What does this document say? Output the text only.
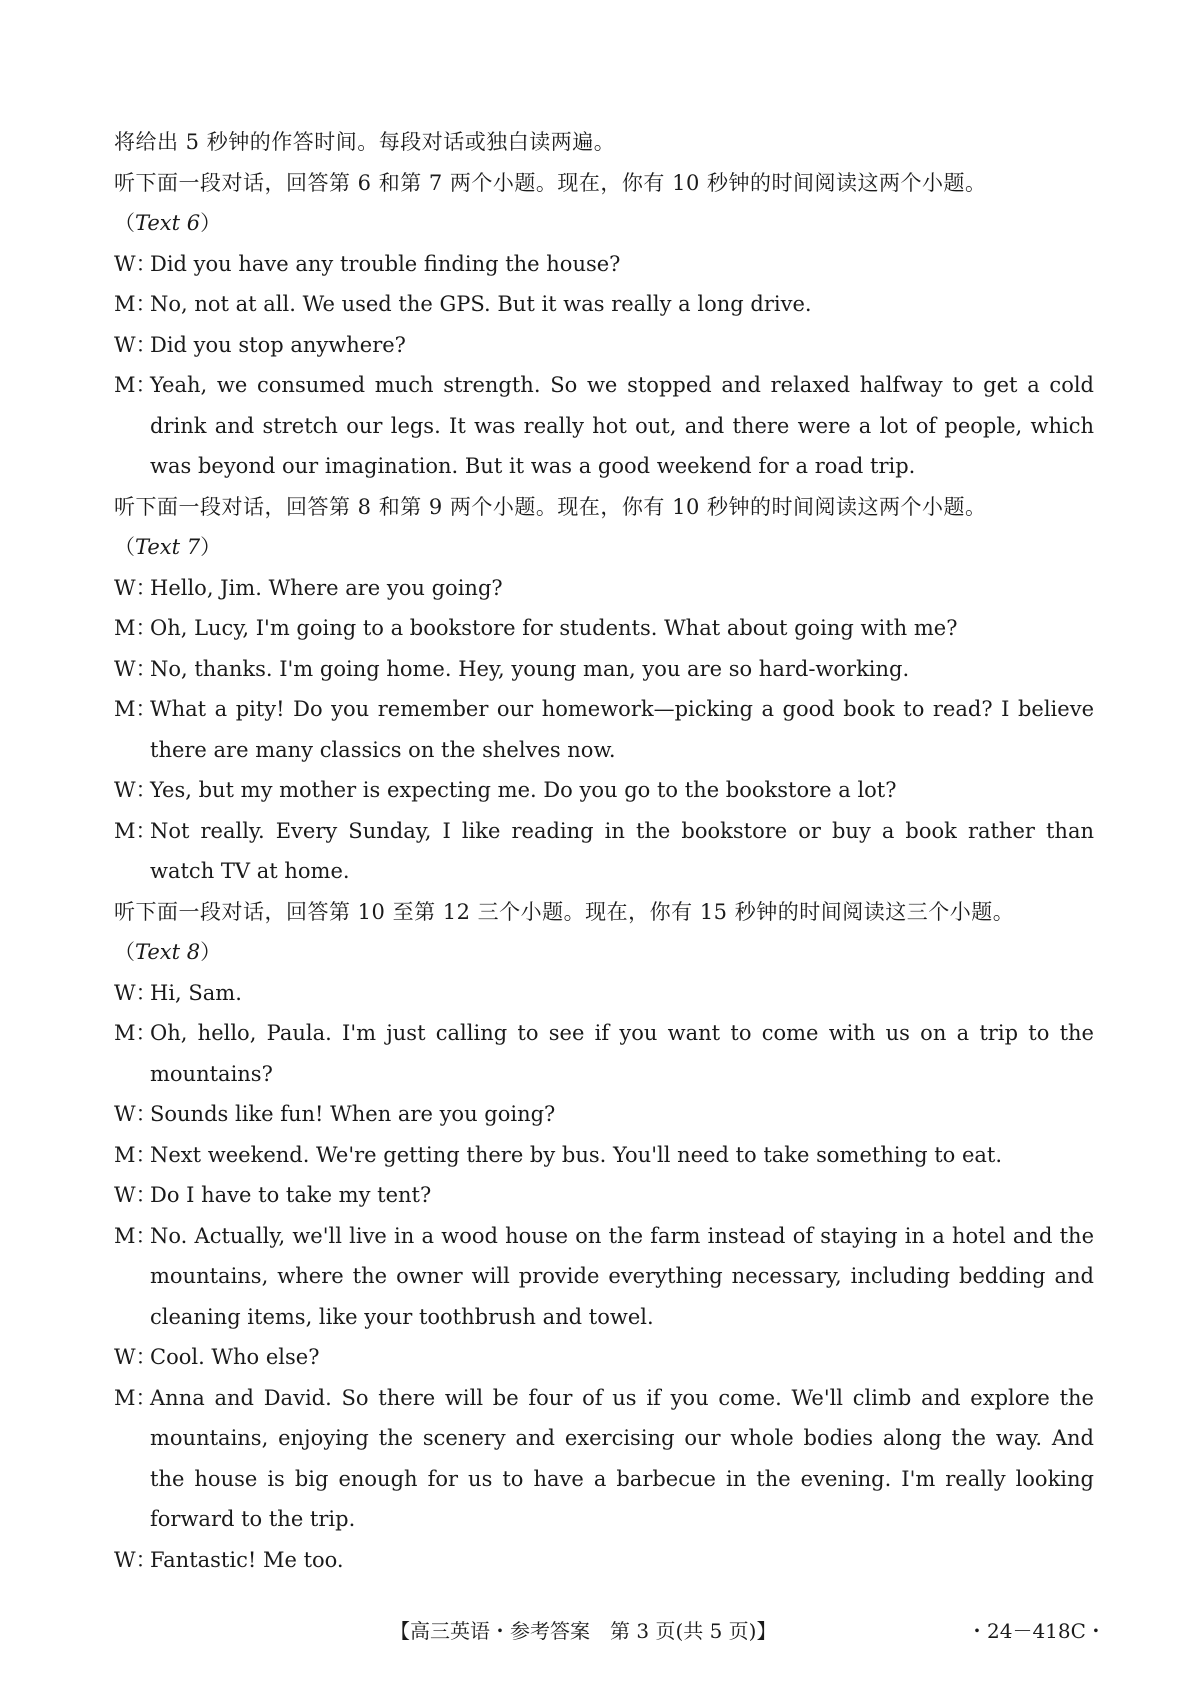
将给出 5 秒钟的作答时间。每段对话或独白读两遍。

听下面一段对话，回答第 6 和第 7 两个小题。现在，你有 10 秒钟的时间阅读这两个小题。

（Text 6）

W：
Did you have any trouble finding the house?

M：
No, not at all. We used the GPS. But it was really a long drive.

W：
Did you stop anywhere?

M：
Yeah, we consumed much strength. So we stopped and relaxed halfway to get a cold drink and stretch our legs. It was really hot out, and there were a lot of people, which was beyond our imagination. But it was a good weekend for a road trip.

听下面一段对话，回答第 8 和第 9 两个小题。现在，你有 10 秒钟的时间阅读这两个小题。

（Text 7）

W：
Hello, Jim. Where are you going?

M：
Oh, Lucy, I'm going to a bookstore for students. What about going with me?

W：
No, thanks. I'm going home. Hey, young man, you are so hard-working.

M：
What a pity! Do you remember our homework—picking a good book to read? I believe there are many classics on the shelves now.

W：
Yes, but my mother is expecting me. Do you go to the bookstore a lot?

M：
Not really. Every Sunday, I like reading in the bookstore or buy a book rather than watch TV at home.

听下面一段对话，回答第 10 至第 12 三个小题。现在，你有 15 秒钟的时间阅读这三个小题。

（Text 8）

W：
Hi, Sam.

M：
Oh, hello, Paula. I'm just calling to see if you want to come with us on a trip to the mountains?

W：
Sounds like fun! When are you going?

M：
Next weekend. We're getting there by bus. You'll need to take something to eat.

W：
Do I have to take my tent?

M：
No. Actually, we'll live in a wood house on the farm instead of staying in a hotel and the mountains, where the owner will provide everything necessary, including bedding and cleaning items, like your toothbrush and towel.

W：
Cool. Who else?

M：
Anna and David. So there will be four of us if you come. We'll climb and explore the mountains, enjoying the scenery and exercising our whole bodies along the way. And the house is big enough for us to have a barbecue in the evening. I'm really looking forward to the trip.

W：
Fantastic! Me too.

【高三英语・参考答案　第 3 页(共 5 页)】	・24－418C・
